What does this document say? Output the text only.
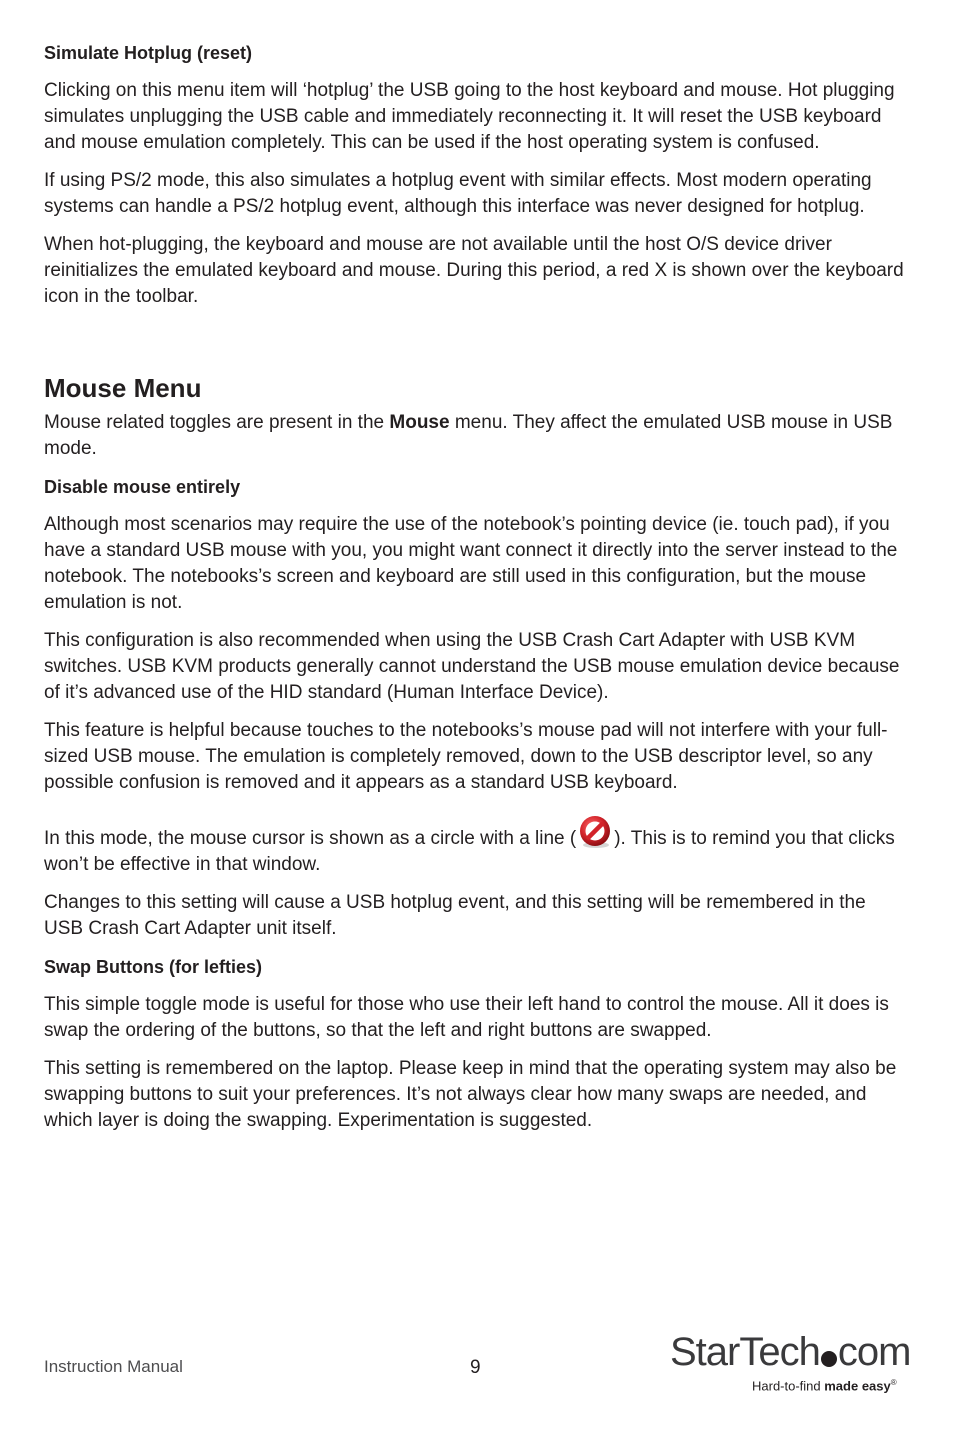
Simulate Hotplug (reset)

Clicking on this menu item will ‘hotplug’ the USB going to the host keyboard and mouse. Hot plugging simulates unplugging the USB cable and immediately reconnecting it. It will reset the USB keyboard and mouse emulation completely. This can be used if the host operating system is confused.

If using PS/2 mode, this also simulates a hotplug event with similar effects. Most modern operating systems can handle a PS/2 hotplug event, although this interface was never designed for hotplug.

When hot-plugging, the keyboard and mouse are not available until the host O/S device driver reinitializes the emulated keyboard and mouse. During this period, a red X is shown over the keyboard icon in the toolbar.

Mouse Menu

Mouse related toggles are present in the Mouse menu. They affect the emulated USB mouse in USB mode.

Disable mouse entirely

Although most scenarios may require the use of the notebook’s pointing device (ie. touch pad), if you have a standard USB mouse with you, you might want connect it directly into the server instead to the notebook. The notebooks’s screen and keyboard are still used in this configuration, but the mouse emulation is not.

This configuration is also recommended when using the USB Crash Cart Adapter with USB KVM switches. USB KVM products generally cannot understand the USB mouse emulation device because of it’s advanced use of the HID standard (Human Interface Device).

This feature is helpful because touches to the notebooks’s mouse pad will not interfere with your full-sized USB mouse. The emulation is completely removed, down to the USB descriptor level, so any possible confusion is removed and it appears as a standard USB keyboard.

In this mode, the mouse cursor is shown as a circle with a line ( ). This is to remind you that clicks won’t be effective in that window.

Changes to this setting will cause a USB hotplug event, and this setting will be remembered in the USB Crash Cart Adapter unit itself.

Swap Buttons (for lefties)

This simple toggle mode is useful for those who use their left hand to control the mouse. All it does is swap the ordering of the buttons, so that the left and right buttons are swapped.

This setting is remembered on the laptop. Please keep in mind that the operating system may also be swapping buttons to suit your preferences. It’s not always clear how many swaps are needed, and which layer is doing the swapping. Experimentation is suggested.

Instruction Manual	9	StarTech com
Hard-to-find made easy®
